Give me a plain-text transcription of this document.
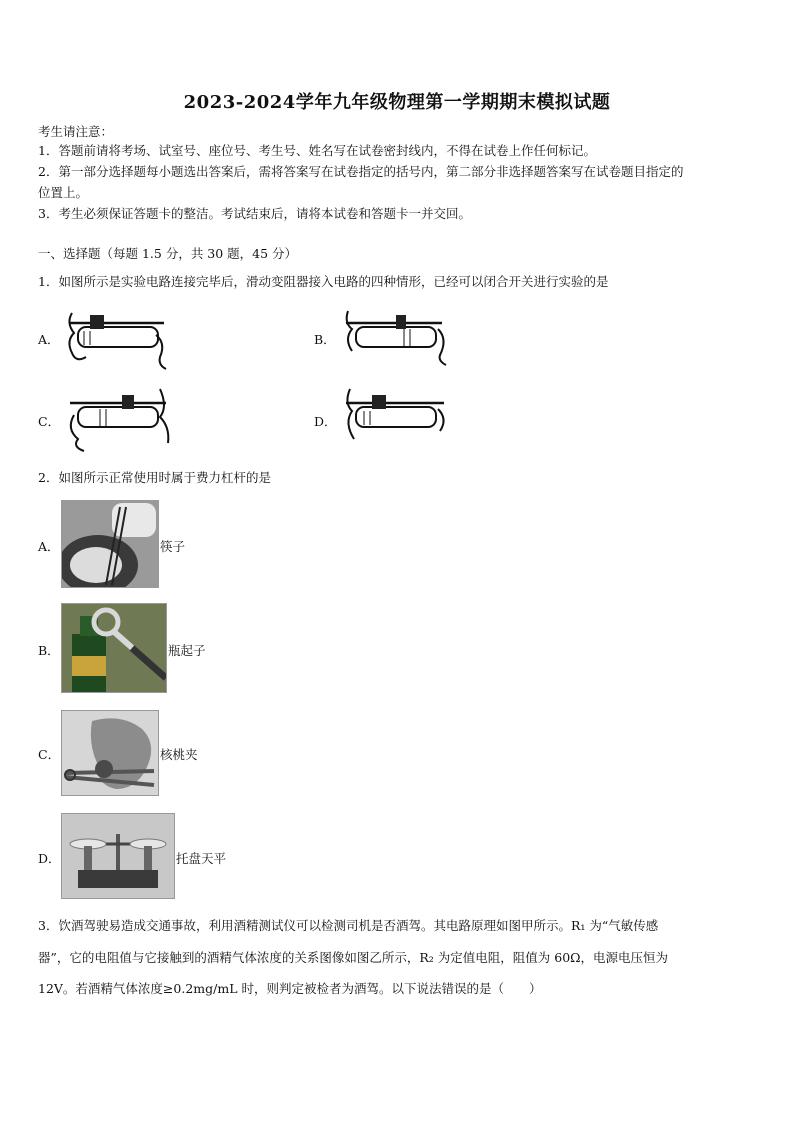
2023-2024学年九年级物理第一学期期末模拟试题
考生请注意：
1．答题前请将考场、试室号、座位号、考生号、姓名写在试卷密封线内，不得在试卷上作任何标记。
2．第一部分选择题每小题选出答案后，需将答案写在试卷指定的括号内，第二部分非选择题答案写在试卷题目指定的
位置上。
3．考生必须保证答题卡的整洁。考试结束后，请将本试卷和答题卡一并交回。
一、选择题（每题 1.5 分，共 30 题，45 分）
1．如图所示是实验电路连接完毕后，滑动变阻器接入电路的四种情形，已经可以闭合开关进行实验的是
A．	B．
C．	D．
2．如图所示正常使用时属于费力杠杆的是
A．	筷子
B．	瓶起子
C．	核桃夹
D．	托盘天平
3．饮酒驾驶易造成交通事故，利用酒精测试仪可以检测司机是否酒驾。其电路原理如图甲所示。R₁ 为“气敏传感
器”，它的电阻值与它接触到的酒精气体浓度的关系图像如图乙所示，R₂ 为定值电阻，阻值为 60Ω，电源电压恒为
12V。若酒精气体浓度≥0.2mg/mL 时，则判定被检者为酒驾。以下说法错误的是（　　）
